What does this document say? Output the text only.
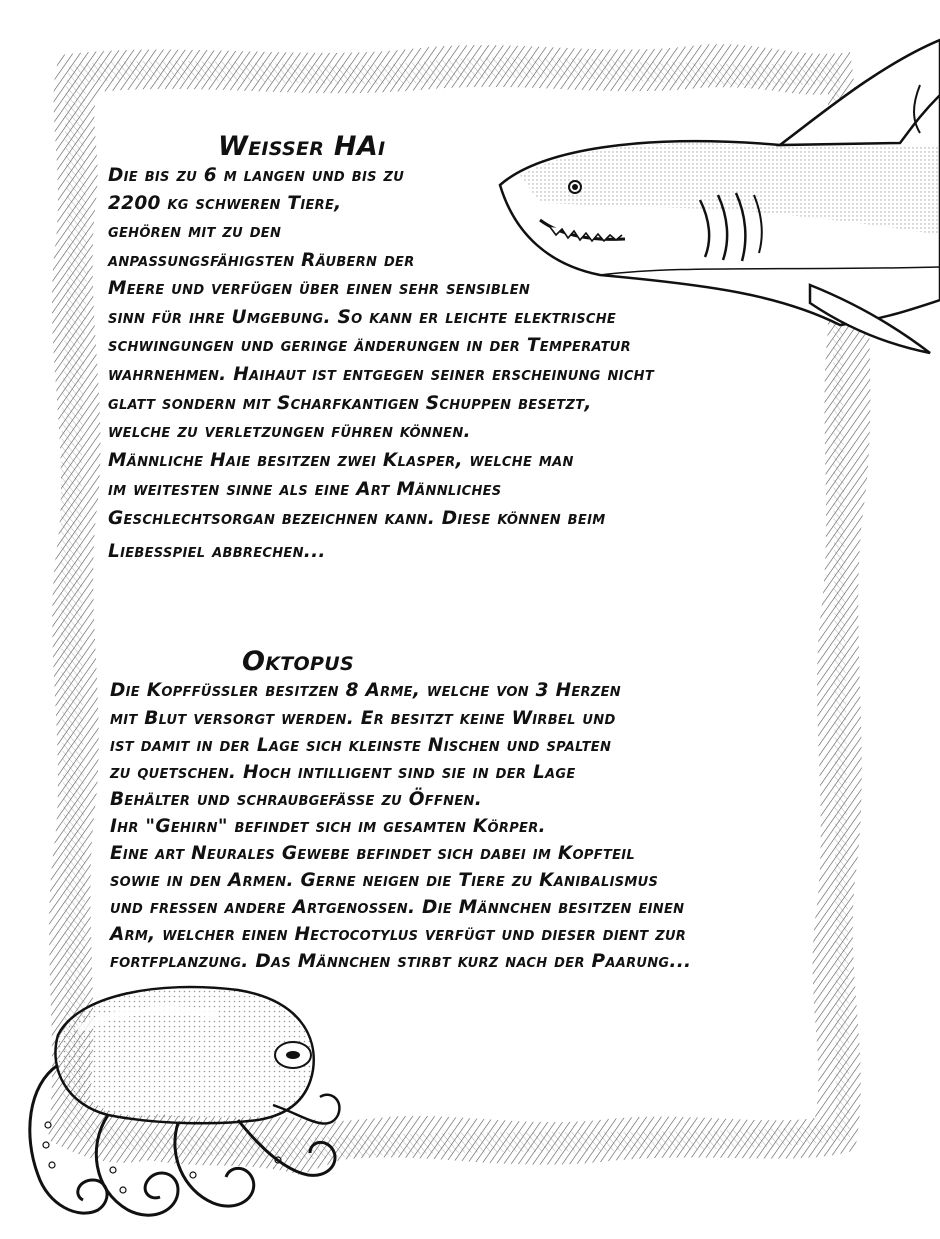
Weisser HAi

Die bis zu 6 m langen und bis zu

2200 kg schweren Tiere,

gehören mit zu den

anpassungsfähigsten Räubern der

Meere und verfügen über einen sehr sensiblen

sinn für ihre Umgebung. So kann er leichte elektrische

schwingungen und geringe änderungen in der Temperatur

wahrnehmen. Haihaut ist entgegen seiner erscheinung nicht

glatt sondern mit Scharfkantigen Schuppen besetzt,

welche zu verletzungen führen können.

Männliche Haie besitzen zwei Klasper, welche man

im weitesten sinne als eine Art Männliches

Geschlechtsorgan bezeichnen kann. Diese können beim

Liebesspiel abbrechen...

Oktopus

Die Kopffüssler besitzen 8 Arme, welche von 3 Herzen

mit Blut versorgt werden. Er besitzt keine Wirbel und

ist damit in der Lage sich kleinste Nischen und spalten

zu quetschen. Hoch intilligent sind sie in der Lage

Behälter und schraubgefässe zu Öffnen.

Ihr "Gehirn" befindet sich im gesamten Körper.

Eine art Neurales Gewebe befindet sich dabei im Kopfteil

sowie in den Armen. Gerne neigen die Tiere zu Kanibalismus

und fressen andere Artgenossen. Die Männchen besitzen einen

Arm, welcher einen Hectocotylus verfügt und dieser dient zur

fortfplanzung. Das Männchen stirbt kurz nach der Paarung...
